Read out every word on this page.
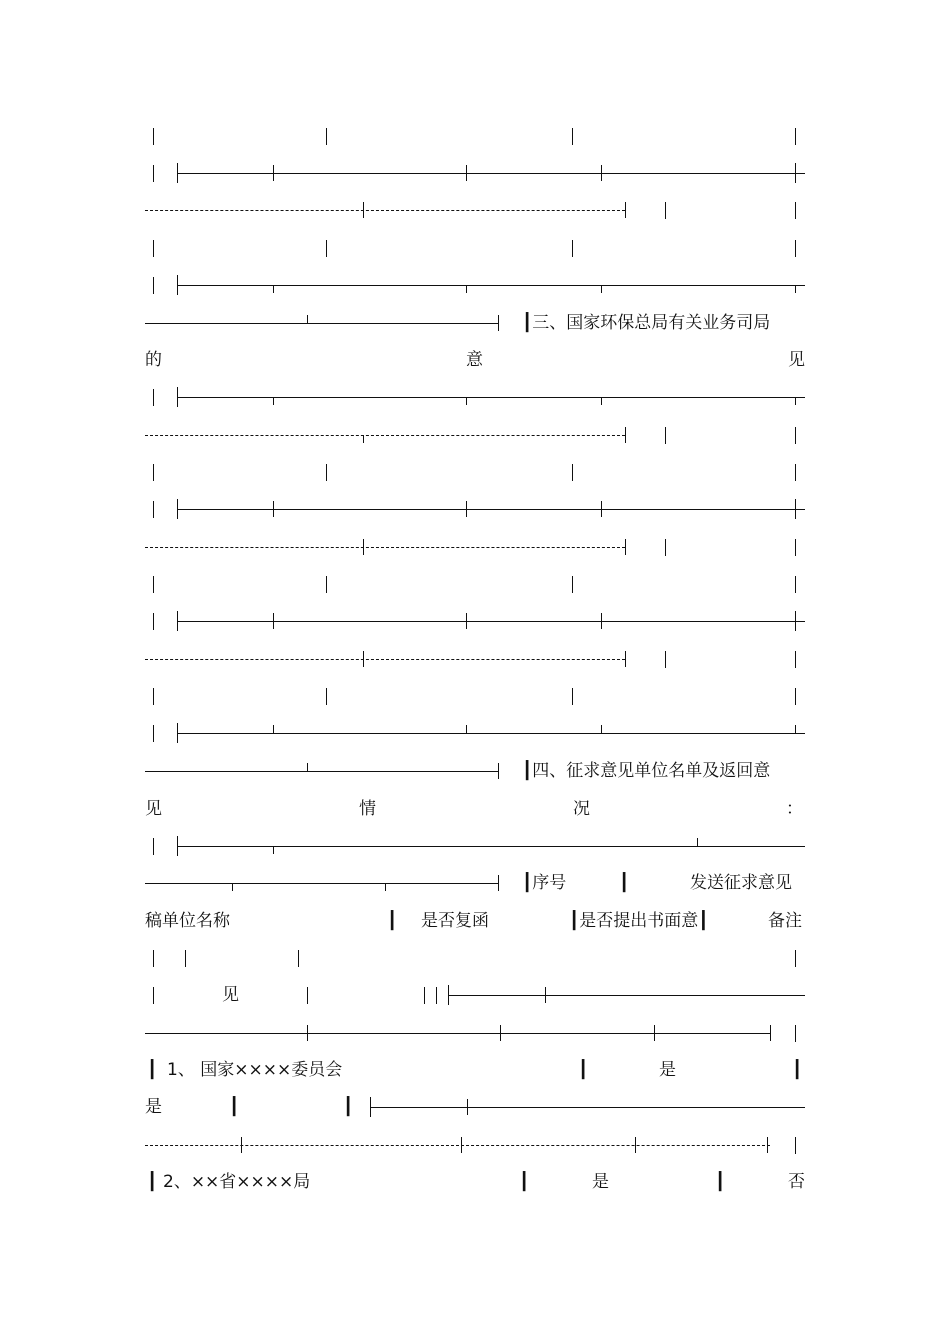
┃三、国家环保总局有关业务司局
的	意	见
┃四、征求意见单位名单及返回意
见	情	况	：
┃序号	┃	发送征求意见
稿单位名称	┃ 是否复函	┃是否提出书面意┃	备注
见
┃ 1、 国家××××委员会	┃	是	┃
是	┃	┃
┃ 2、××省××××局	┃	是	┃	否
